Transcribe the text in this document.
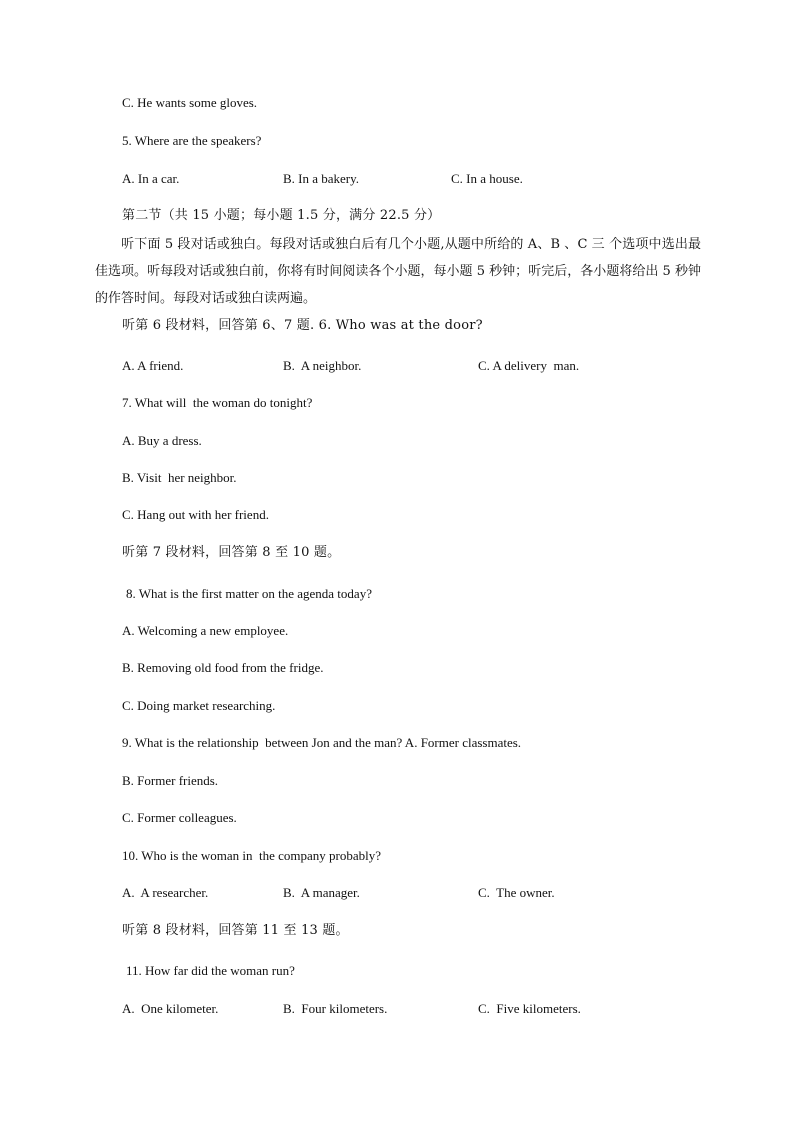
C. He wants some gloves.
5. Where are the speakers?
A. In a car.	B. In a bakery.	C. In a house.
第二节（共 15 小题；每小题 1.5 分，满分 22.5 分）
听下面 5 段对话或独白。每段对话或独白后有几个小题,从题中所给的 A、B 、C 三 个选项中选出最佳选项。听每段对话或独白前，你将有时间阅读各个小题，每小题 5 秒钟；听完后，各小题将给出 5 秒钟的作答时间。每段对话或独白读两遍。
听第 6 段材料，回答第 6、7 题. 6. Who was at the door?
A. A friend.	B.  A neighbor.	C. A delivery  man.
7. What will  the woman do tonight?
A. Buy a dress.
B. Visit  her neighbor.
C. Hang out with her friend.
听第 7 段材料，回答第 8 至 10 题。
8. What is the first matter on the agenda today?
A. Welcoming a new employee.
B. Removing old food from the fridge.
C. Doing market researching.
9. What is the relationship  between Jon and the man? A. Former classmates.
B. Former friends.
C. Former colleagues.
10. Who is the woman in  the company probably?
A.  A researcher.	B.  A manager.	C.  The owner.
听第 8 段材料，回答第 11 至 13 题。
11. How far did the woman run?
A.  One kilometer.	B.  Four kilometers.	C.  Five kilometers.
